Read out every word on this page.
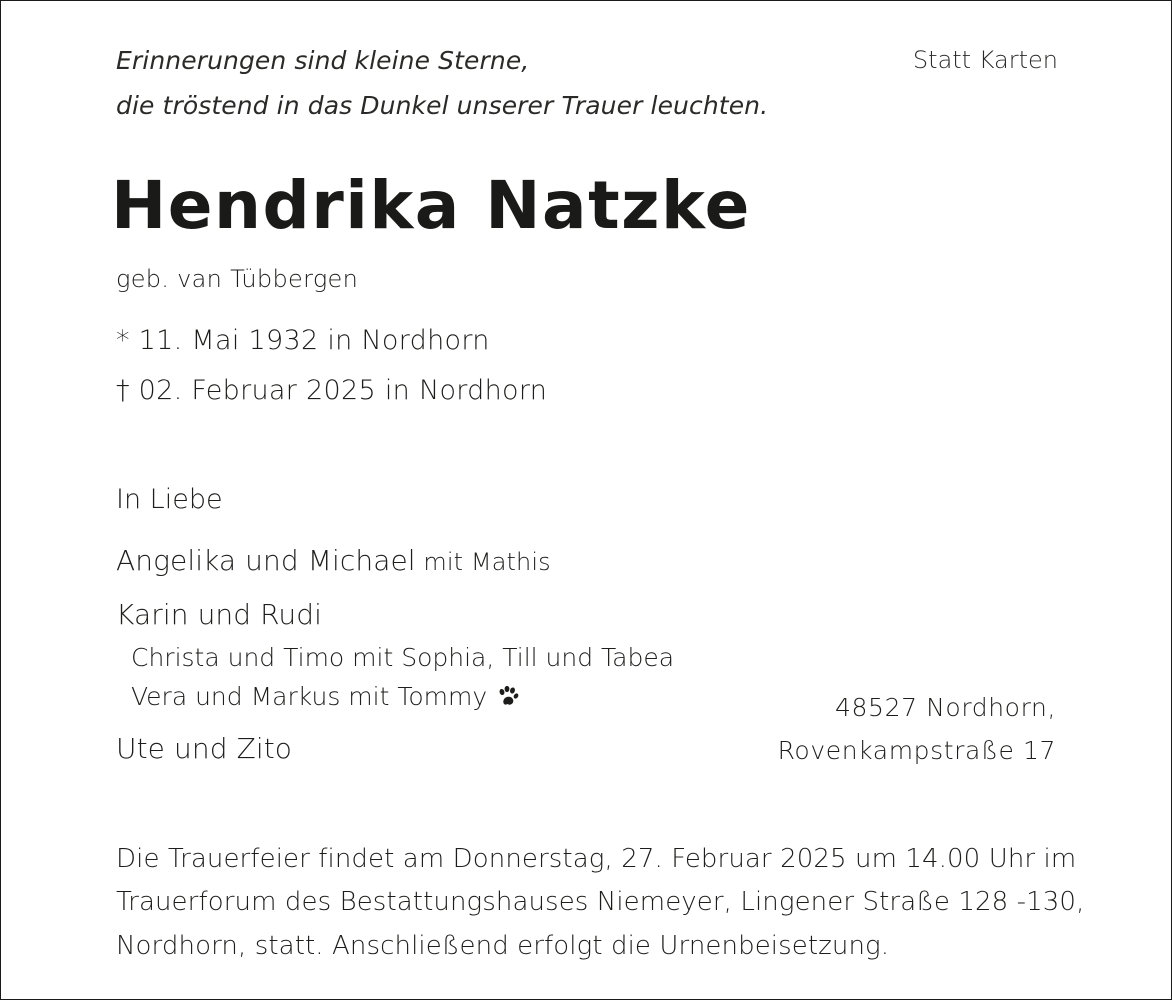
Erinnerungen sind kleine Sterne,

die tröstend in das Dunkel unserer Trauer leuchten.

Statt Karten

Hendrika Natzke

geb. van Tübbergen

* 11. Mai 1932 in Nordhorn

† 02. Februar 2025 in Nordhorn

In Liebe

Angelika und Michael mit Mathis

Karin und Rudi

Christa und Timo mit Sophia, Till und Tabea

Vera und Markus mit Tommy

Ute und Zito

48527 Nordhorn,

Rovenkampstraße 17

Die Trauerfeier findet am Donnerstag, 27. Februar 2025 um 14.00 Uhr im

Trauerforum des Bestattungshauses Niemeyer, Lingener Straße 128 -130,

Nordhorn, statt. Anschließend erfolgt die Urnenbeisetzung.
